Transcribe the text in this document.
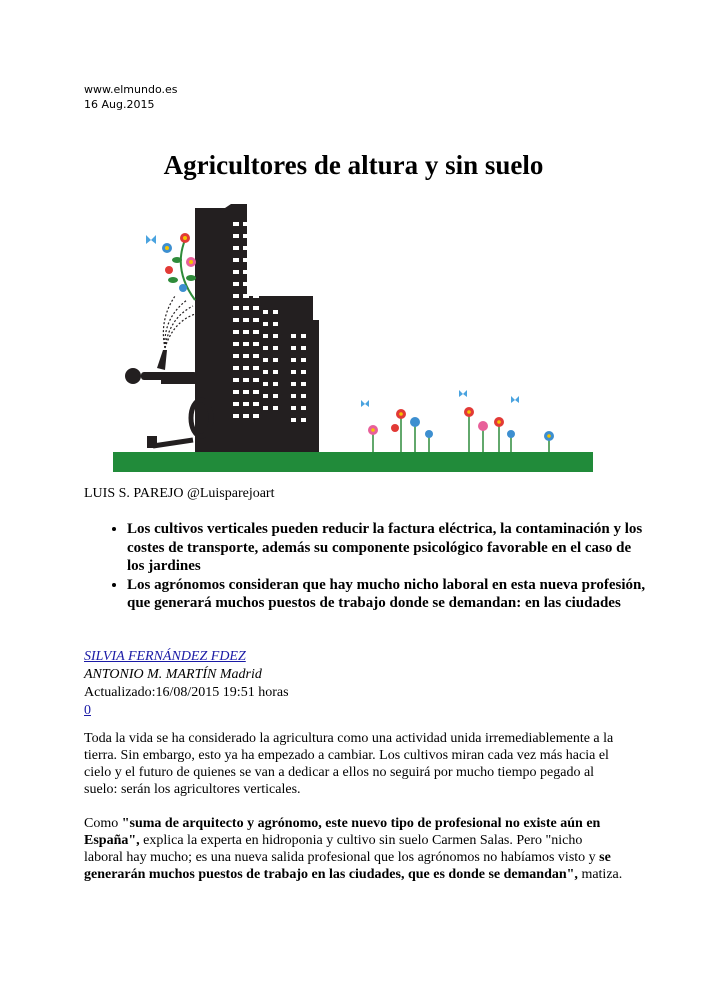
www.elmundo.es
16 Aug.2015
Agricultores de altura y sin suelo
LUIS S. PAREJO @Luisparejoart
• Los cultivos verticales pueden reducir la factura eléctrica, la contaminación y los costes de transporte, además su componente psicológico favorable en el caso de los jardines
• Los agrónomos consideran que hay mucho nicho laboral en esta nueva profesión, que generará muchos puestos de trabajo donde se demandan: en las ciudades
SILVIA FERNÁNDEZ FDEZ
ANTONIO M. MARTÍN Madrid
Actualizado:16/08/2015 19:51 horas
0

Toda la vida se ha considerado la agricultura como una actividad unida irremediablemente a la tierra. Sin embargo, esto ya ha empezado a cambiar. Los cultivos miran cada vez más hacia el cielo y el futuro de quienes se van a dedicar a ellos no seguirá por mucho tiempo pegado al suelo: serán los agricultores verticales.

Como "suma de arquitecto y agrónomo, este nuevo tipo de profesional no existe aún en España", explica la experta en hidroponia y cultivo sin suelo Carmen Salas. Pero "nicho laboral hay mucho; es una nueva salida profesional que los agrónomos no habíamos visto y se generarán muchos puestos de trabajo en las ciudades, que es donde se demandan", matiza.
